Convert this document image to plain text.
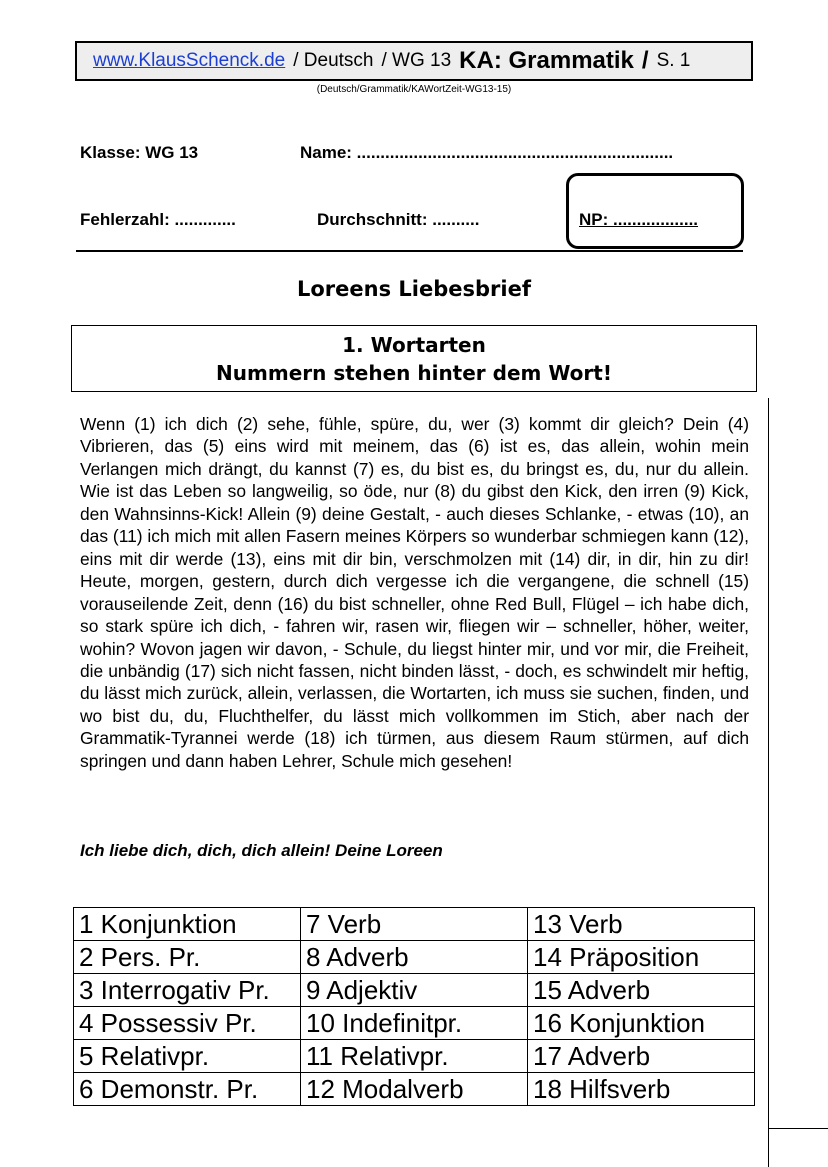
www.KlausSchenck.de / Deutsch / WG 13 KA: Grammatik / S. 1
(Deutsch/Grammatik/KAWortZeit-WG13-15)
Klasse: WG 13	Name: ...................................................................
Fehlerzahl: .............	Durchschnitt: ..........	NP: ..................
Loreens Liebesbrief
1. Wortarten
Nummern stehen hinter dem Wort!
Wenn (1) ich dich (2) sehe, fühle, spüre, du, wer (3) kommt dir gleich? Dein (4) Vibrieren, das (5) eins wird mit meinem, das (6) ist es, das allein, wohin mein Verlangen mich drängt, du kannst (7) es, du bist es, du bringst es, du, nur du allein. Wie ist das Leben so langweilig, so öde, nur (8) du gibst den Kick, den irren (9) Kick, den Wahnsinns-Kick! Allein (9) deine Gestalt, - auch dieses Schlanke, - etwas (10), an das (11) ich mich mit allen Fasern meines Körpers so wunderbar schmiegen kann (12), eins mit dir werde (13), eins mit dir bin, verschmolzen mit (14) dir, in dir, hin zu dir! Heute, morgen, gestern, durch dich vergesse ich die vergangene, die schnell (15) vorauseilende Zeit, denn (16) du bist schneller, ohne Red Bull, Flügel – ich habe dich, so stark spüre ich dich, - fahren wir, rasen wir, fliegen wir – schneller, höher, weiter, wohin? Wovon jagen wir davon, - Schule, du liegst hinter mir, und vor mir, die Freiheit, die unbändig (17) sich nicht fassen, nicht binden lässt, - doch, es schwindelt mir heftig, du lässt mich zurück, allein, verlassen, die Wortarten, ich muss sie suchen, finden, und wo bist du, du, Fluchthelfer, du lässt mich vollkommen im Stich, aber nach der Grammatik-Tyrannei werde (18) ich türmen, aus diesem Raum stürmen, auf dich springen und dann haben Lehrer, Schule mich gesehen!
Ich liebe dich, dich, dich allein! Deine Loreen
1 Konjunktion	7 Verb	13 Verb
2 Pers. Pr.	8 Adverb	14 Präposition
3 Interrogativ Pr.	9 Adjektiv	15 Adverb
4 Possessiv Pr.	10 Indefinitpr.	16 Konjunktion
5 Relativpr.	11 Relativpr.	17 Adverb
6 Demonstr. Pr.	12 Modalverb	18 Hilfsverb
